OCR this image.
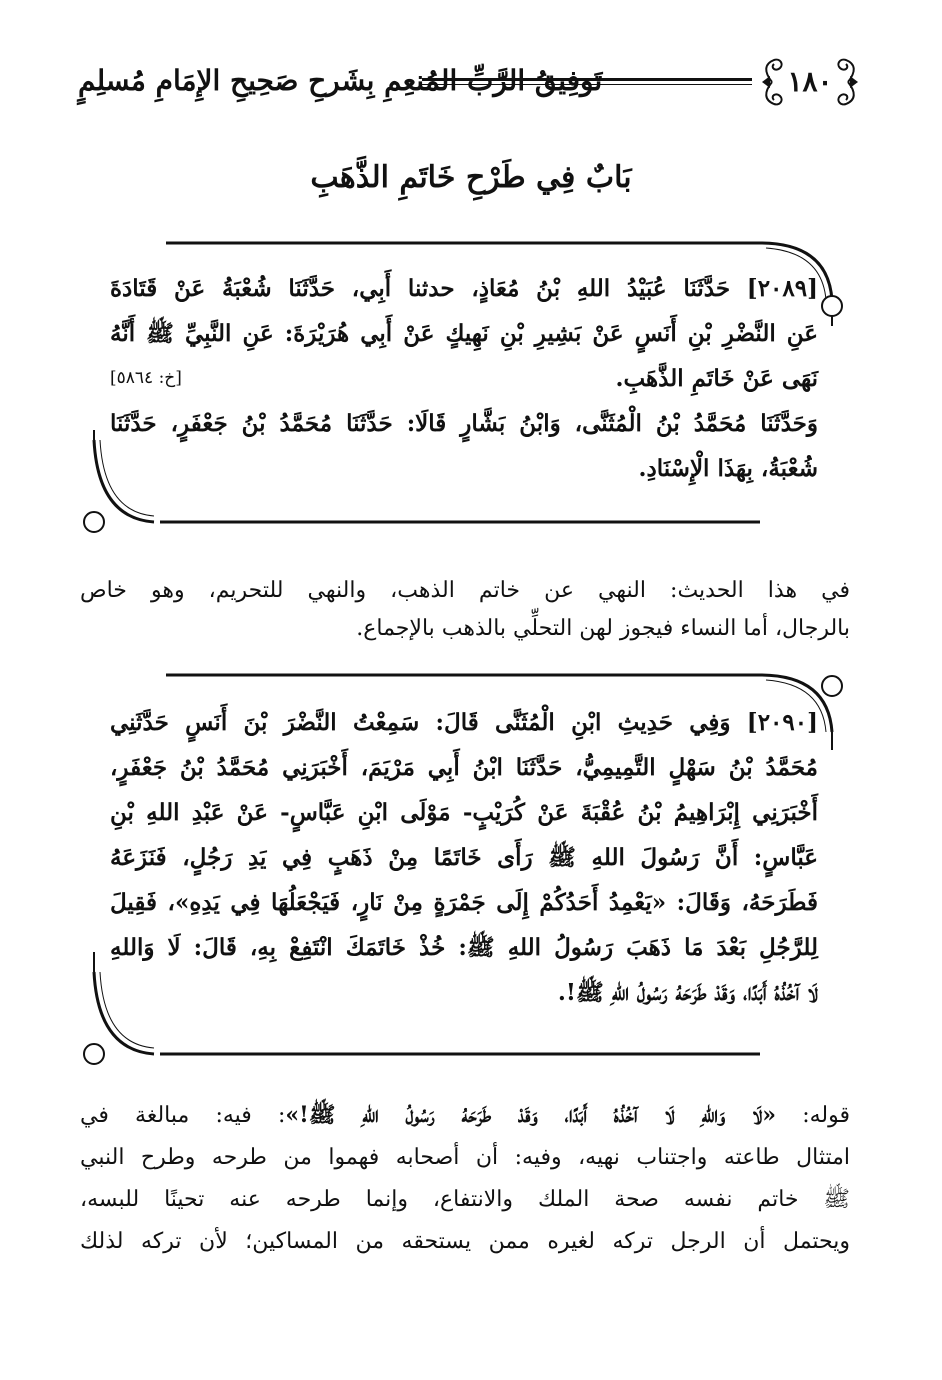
١٨٠
تَوفِيقُ الرَّبِّ المُنعِمِ بِشَرحِ صَحِيحِ الإِمَامِ مُسلِمٍ
بَابٌ فِي طَرْحِ خَاتَمِ الذَّهَبِ
[٢٠٨٩] حَدَّثَنَا عُبَيْدُ اللهِ بْنُ مُعَاذٍ، حدثنا أَبِي، حَدَّثَنَا شُعْبَةُ عَنْ قَتَادَةَ
عَنِ النَّضْرِ بْنِ أَنَسٍ عَنْ بَشِيرِ بْنِ نَهِيكٍ عَنْ أَبِي هُرَيْرَةَ: عَنِ النَّبِيِّ ﷺ أَنَّهُ
نَهَى عَنْ خَاتَمِ الذَّهَبِ.
[خ: ٥٨٦٤]
وَحَدَّثَنَا مُحَمَّدُ بْنُ الْمُثَنَّى، وَابْنُ بَشَّارٍ قَالَا: حَدَّثَنَا مُحَمَّدُ بْنُ جَعْفَرٍ، حَدَّثَنَا
شُعْبَةُ، بِهَذَا الْإِسْنَادِ.
في هذا الحديث: النهي عن خاتم الذهب، والنهي للتحريم، وهو خاص
بالرجال، أما النساء فيجوز لهن التحلِّي بالذهب بالإجماع.
[٢٠٩٠] وَفِي حَدِيثِ ابْنِ الْمُثَنَّى قَالَ: سَمِعْتُ النَّضْرَ بْنَ أَنَسٍ حَدَّثَنِي
مُحَمَّدُ بْنُ سَهْلٍ التَّمِيمِيُّ، حَدَّثَنَا ابْنُ أَبِي مَرْيَمَ، أَخْبَرَنِي مُحَمَّدُ بْنُ جَعْفَرٍ،
أَخْبَرَنِي إِبْرَاهِيمُ بْنُ عُقْبَةَ عَنْ كُرَيْبٍ- مَوْلَى ابْنِ عَبَّاسٍ- عَنْ عَبْدِ اللهِ بْنِ
عَبَّاسٍ: أَنَّ رَسُولَ اللهِ ﷺ رَأَى خَاتَمًا مِنْ ذَهَبٍ فِي يَدِ رَجُلٍ، فَنَزَعَهُ
فَطَرَحَهُ، وَقَالَ: «يَعْمِدُ أَحَدُكُمْ إِلَى جَمْرَةٍ مِنْ نَارٍ، فَيَجْعَلُهَا فِي يَدِهِ»، فَقِيلَ
لِلرَّجُلِ بَعْدَ مَا ذَهَبَ رَسُولُ اللهِ ﷺ: خُذْ خَاتَمَكَ انْتَفِعْ بِهِ، قَالَ: لَا وَاللهِ
لَا آخُذُهُ أَبَدًا، وَقَدْ طَرَحَهُ رَسُولُ اللهِ ﷺ!.
قوله: «لَا وَاللهِ لَا آخُذُهُ أَبَدًا، وَقَدْ طَرَحَهُ رَسُولُ اللهِ ﷺ!»: فيه: مبالغة في
امتثال طاعته واجتناب نهيه، وفيه: أن أصحابه فهموا من طرحه وطرح النبي
ﷺ خاتم نفسه صحة الملك والانتفاع، وإنما طرحه عنه تحينًا للبسه،
ويحتمل أن الرجل تركه لغيره ممن يستحقه من المساكين؛ لأن تركه لذلك
